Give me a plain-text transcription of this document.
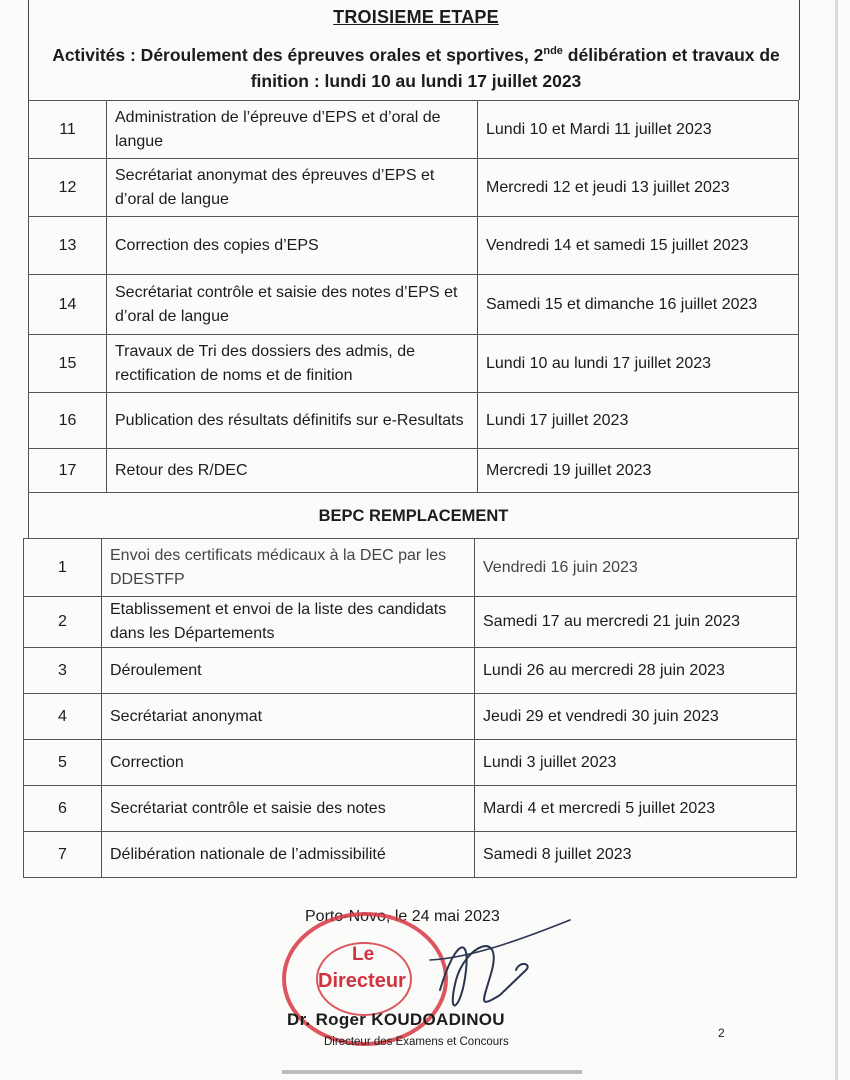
TROISIEME ETAPE
Activités : Déroulement des épreuves orales et sportives, 2nde délibération et travaux de finition : lundi 10 au lundi 17 juillet 2023
11	Administration de l’épreuve d’EPS et d’oral de langue	Lundi 10 et Mardi 11 juillet 2023
12	Secrétariat anonymat des épreuves d’EPS et d’oral de langue	Mercredi 12 et jeudi 13 juillet 2023
13	Correction des copies d’EPS	Vendredi 14 et samedi 15 juillet 2023
14	Secrétariat contrôle et saisie des notes d’EPS et d’oral de langue	Samedi 15 et dimanche 16 juillet 2023
15	Travaux de Tri des dossiers des admis, de rectification de noms et de finition	Lundi 10 au lundi 17 juillet 2023
16	Publication des résultats définitifs sur e-Resultats	Lundi 17 juillet 2023
17	Retour des R/DEC	Mercredi 19 juillet 2023
BEPC REMPLACEMENT		
1	Envoi des certificats médicaux à la DEC par les DDESTFP	Vendredi 16 juin 2023
2	Etablissement et envoi de la liste des candidats dans les Départements	Samedi 17 au mercredi 21 juin 2023
3	Déroulement	Lundi 26 au mercredi 28 juin 2023
4	Secrétariat anonymat	Jeudi 29 et vendredi 30 juin 2023
5	Correction	Lundi 3 juillet 2023
6	Secrétariat contrôle et saisie des notes	Mardi 4 et mercredi 5 juillet 2023
7	Délibération nationale de l’admissibilité	Samedi 8 juillet 2023
Porto-Novo, le 24 mai 2023
Le
Directeur
Dr. Roger KOUDOADINOU
Directeur des Examens et Concours
2
